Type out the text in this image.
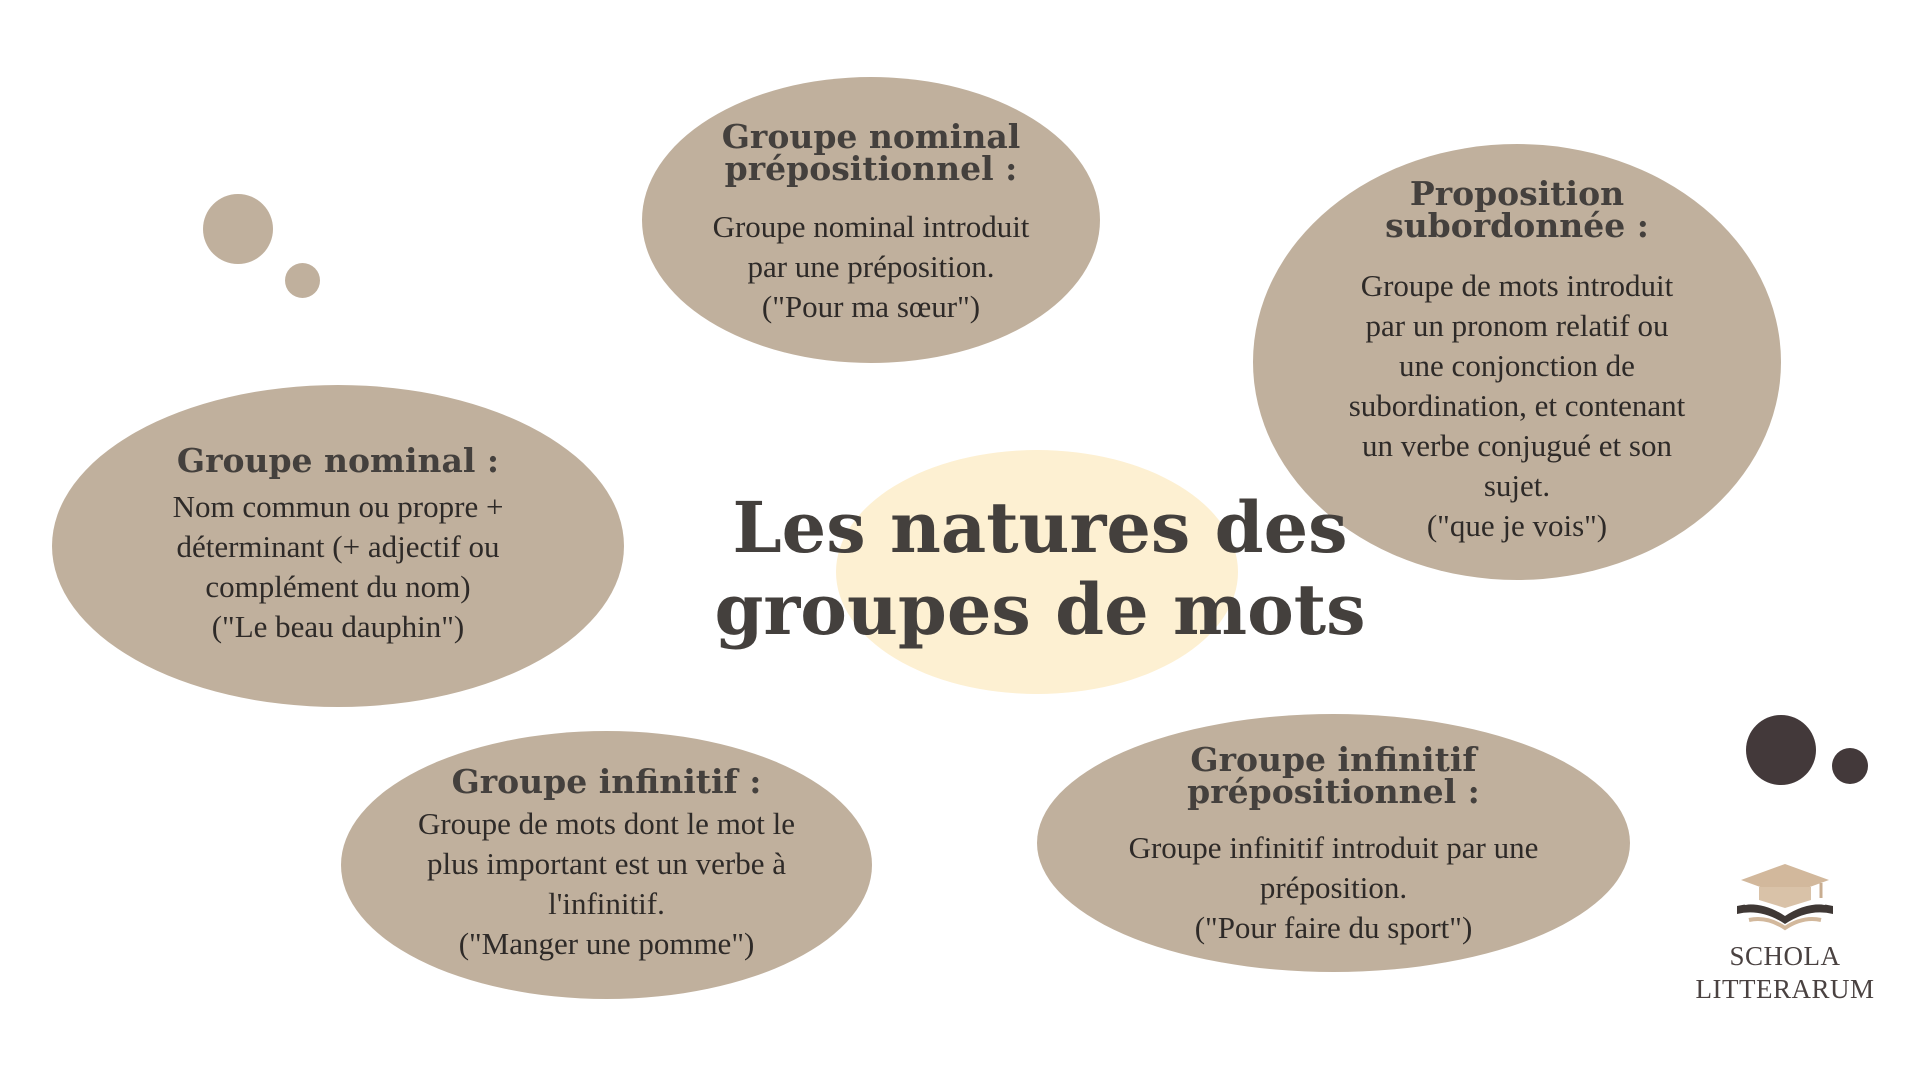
Groupe nominal
prépositionnel :
Groupe nominal introduit
par une préposition.
("Pour ma sœur")
Proposition
subordonnée :
Groupe de mots introduit
par un pronom relatif ou
une conjonction de
subordination, et contenant
un verbe conjugué et son
sujet.
("que je vois")
Groupe nominal :
Nom commun ou propre +
déterminant (+ adjectif ou
complément du nom)
("Le beau dauphin")
Les natures des
groupes de mots
Groupe infinitif :
Groupe de mots dont le mot le
plus important est un verbe à
l'infinitif.
("Manger une pomme")
Groupe infinitif
prépositionnel :
Groupe infinitif introduit par une
préposition.
("Pour faire du sport")
SCHOLA
LITTERARUM
